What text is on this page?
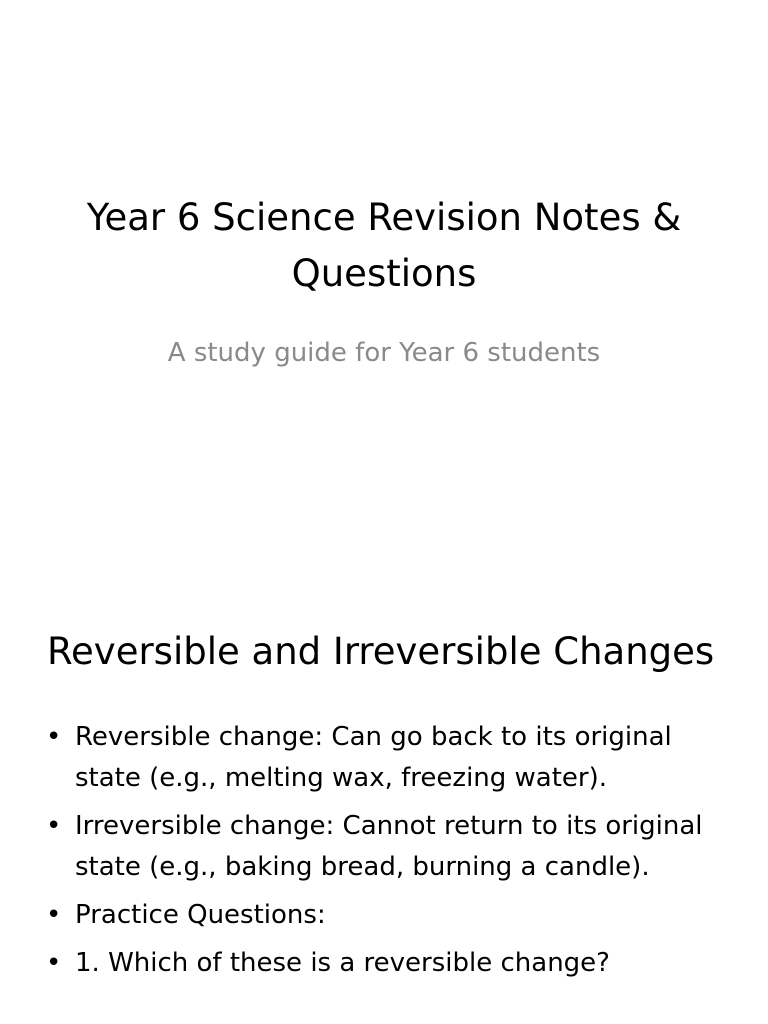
Year 6 Science Revision Notes & Questions

A study guide for Year 6 students

Reversible and Irreversible Changes
• Reversible change: Can go back to its original state (e.g., melting wax, freezing water).
• Irreversible change: Cannot return to its original state (e.g., baking bread, burning a candle).
• Practice Questions:
• 1. Which of these is a reversible change?
